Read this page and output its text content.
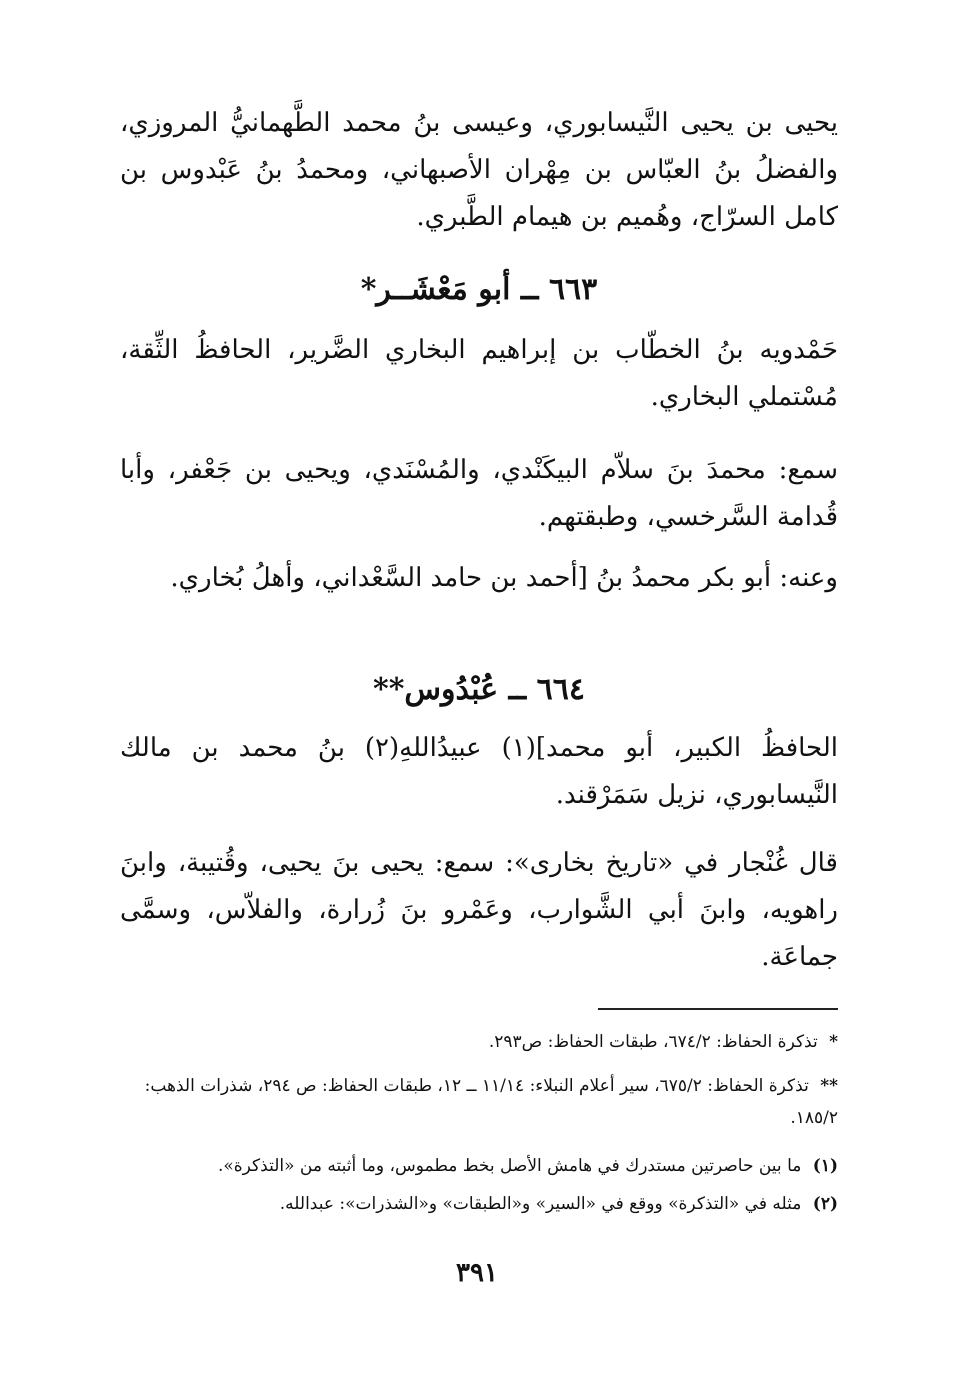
يحيى بن يحيى النَّيسابوري، وعيسى بنُ محمد الطَّهمانيُّ المروزي، والفضلُ بنُ العبّاس بن مِهْران الأصبهاني، ومحمدُ بنُ عَبْدوس بن كامل السرّاج، وهُميم بن هيمام الطَّبري.

٦٦٣ ــ أبو مَعْشَــر*

حَمْدويه بنُ الخطّاب بن إبراهيم البخاري الضَّرير، الحافظُ الثِّقة، مُسْتملي البخاري.

سمع: محمدَ بنَ سلاّم البيكَنْدي، والمُسْنَدي، ويحيى بن جَعْفر، وأبا قُدامة السَّرخسي، وطبقتهم.

وعنه: أبو بكر محمدُ بنُ [أحمد بن حامد السَّعْداني، وأهلُ بُخاري.

٦٦٤ ــ عُبْدُوس**

الحافظُ الكبير، أبو محمد](١) عبيدُاللهِ(٢) بنُ محمد بن مالك النَّيسابوري، نزيل سَمَرْقند.

قال غُنْجار في «تاريخ بخارى»: سمع: يحيى بنَ يحيى، وقُتيبة، وابنَ راهويه، وابنَ أبي الشَّوارب، وعَمْرو بنَ زُرارة، والفلاّس، وسمَّى جماعَة.

* تذكرة الحفاظ: ٦٧٤/٢، طبقات الحفاظ: ص٢٩٣.
** تذكرة الحفاظ: ٦٧٥/٢، سير أعلام النبلاء: ١١/١٤ ــ ١٢، طبقات الحفاظ: ص ٢٩٤، شذرات الذهب: ١٨٥/٢.
(١) ما بين حاصرتين مستدرك في هامش الأصل بخط مطموس، وما أثبته من «التذكرة».
(٢) مثله في «التذكرة» ووقع في «السير» و«الطبقات» و«الشذرات»: عبدالله.
٣٩١
